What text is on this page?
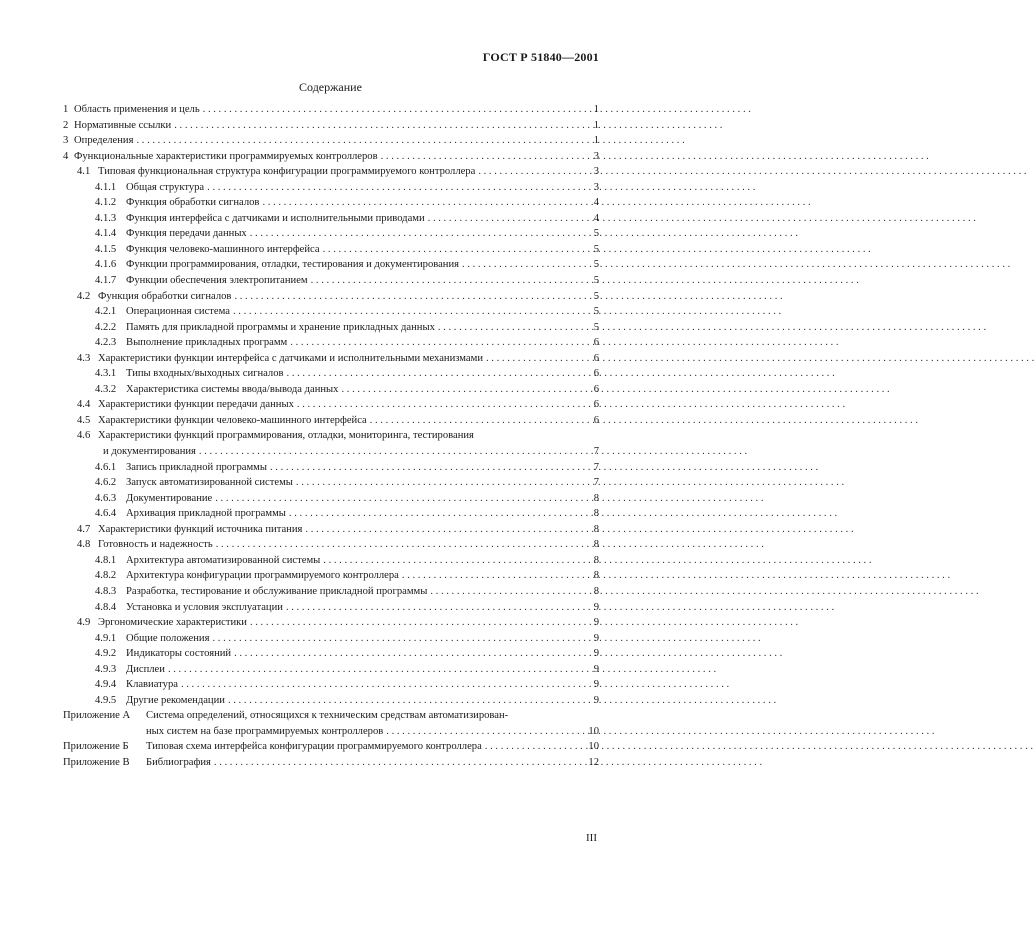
ГОСТ Р 51840—2001
Содержание
1 Область применения и цель . . .	1
2 Нормативные ссылки . . .	1
3 Определения . . .	1
4 Функциональные характеристики программируемых контроллеров . . .	3
4.1 Типовая функциональная структура конфигурации программируемого контроллера . . .	3
4.1.1 Общая структура . . .	3
4.1.2 Функция обработки сигналов . . .	4
4.1.3 Функция интерфейса с датчиками и исполнительными приводами . . .	4
4.1.4 Функция передачи данных . . .	5
4.1.5 Функция человеко-машинного интерфейса . . .	5
4.1.6 Функции программирования, отладки, тестирования и документирования . . .	5
4.1.7 Функции обеспечения электропитанием . . .	5
4.2 Функция обработки сигналов . . .	5
4.2.1 Операционная система . . .	5
4.2.2 Память для прикладной программы и хранение прикладных данных . . .	5
4.2.3 Выполнение прикладных программ . . .	6
4.3 Характеристики функции интерфейса с датчиками и исполнительными механизмами . . .	6
4.3.1 Типы входных/выходных сигналов . . .	6
4.3.2 Характеристика системы ввода/вывода данных . . .	6
4.4 Характеристики функции передачи данных . . .	6
4.5 Характеристики функции человеко-машинного интерфейса . . .	6
4.6 Характеристики функций программирования, отладки, мониторинга, тестирования
и документирования . . .	7
4.6.1 Запись прикладной программы . . .	7
4.6.2 Запуск автоматизированной системы . . .	7
4.6.3 Документирование . . .	8
4.6.4 Архивация прикладной программы . . .	8
4.7 Характеристики функций источника питания . . .	8
4.8 Готовность и надежность . . .	8
4.8.1 Архитектура автоматизированной системы . . .	8
4.8.2 Архитектура конфигурации программируемого контроллера . . .	8
4.8.3 Разработка, тестирование и обслуживание прикладной программы . . .	8
4.8.4 Установка и условия эксплуатации . . .	9
4.9 Эргономические характеристики . . .	9
4.9.1 Общие положения . . .	9
4.9.2 Индикаторы состояний . . .	9
4.9.3 Дисплеи . . .	9
4.9.4 Клавиатура . . .	9
4.9.5 Другие рекомендации . . .	9
Приложение А	Система определений, относящихся к техническим средствам автоматизирован-
ных систем на базе программируемых контроллеров . . .	10
Приложение Б	Типовая схема интерфейса конфигурации программируемого контроллера . . .	10
Приложение В	Библиография . . .	12
III
